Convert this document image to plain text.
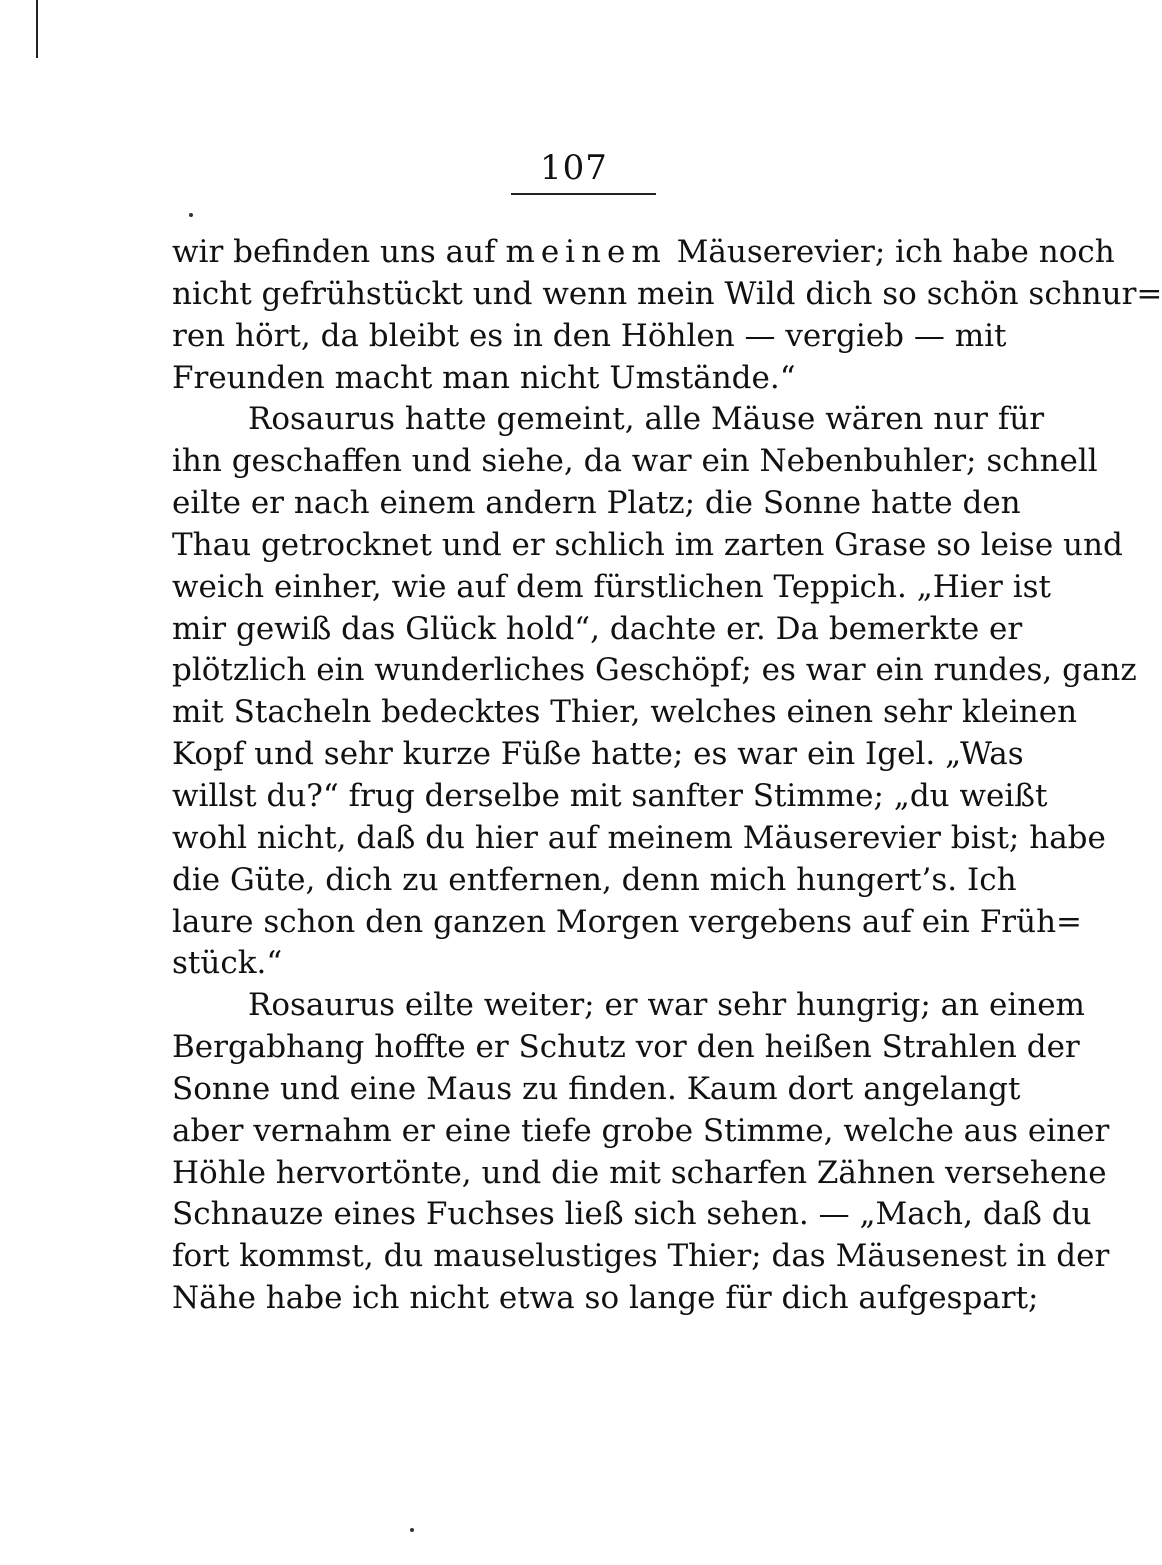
107
wir befinden uns auf meinem Mäuserevier; ich habe noch
nicht gefrühstückt und wenn mein Wild dich so schön schnur=
ren hört, da bleibt es in den Höhlen — vergieb — mit
Freunden macht man nicht Umstände.“
Rosaurus hatte gemeint, alle Mäuse wären nur für
ihn geschaffen und siehe, da war ein Nebenbuhler; schnell
eilte er nach einem andern Platz; die Sonne hatte den
Thau getrocknet und er schlich im zarten Grase so leise und
weich einher, wie auf dem fürstlichen Teppich. „Hier ist
mir gewiß das Glück hold“, dachte er. Da bemerkte er
plötzlich ein wunderliches Geschöpf; es war ein rundes, ganz
mit Stacheln bedecktes Thier, welches einen sehr kleinen
Kopf und sehr kurze Füße hatte; es war ein Igel. „Was
willst du?“ frug derselbe mit sanfter Stimme; „du weißt
wohl nicht, daß du hier auf meinem Mäuserevier bist; habe
die Güte, dich zu entfernen, denn mich hungert’s. Ich
laure schon den ganzen Morgen vergebens auf ein Früh=
stück.“
Rosaurus eilte weiter; er war sehr hungrig; an einem
Bergabhang hoffte er Schutz vor den heißen Strahlen der
Sonne und eine Maus zu finden. Kaum dort angelangt
aber vernahm er eine tiefe grobe Stimme, welche aus einer
Höhle hervortönte, und die mit scharfen Zähnen versehene
Schnauze eines Fuchses ließ sich sehen. — „Mach, daß du
fort kommst, du mauselustiges Thier; das Mäusenest in der
Nähe habe ich nicht etwa so lange für dich aufgespart;
